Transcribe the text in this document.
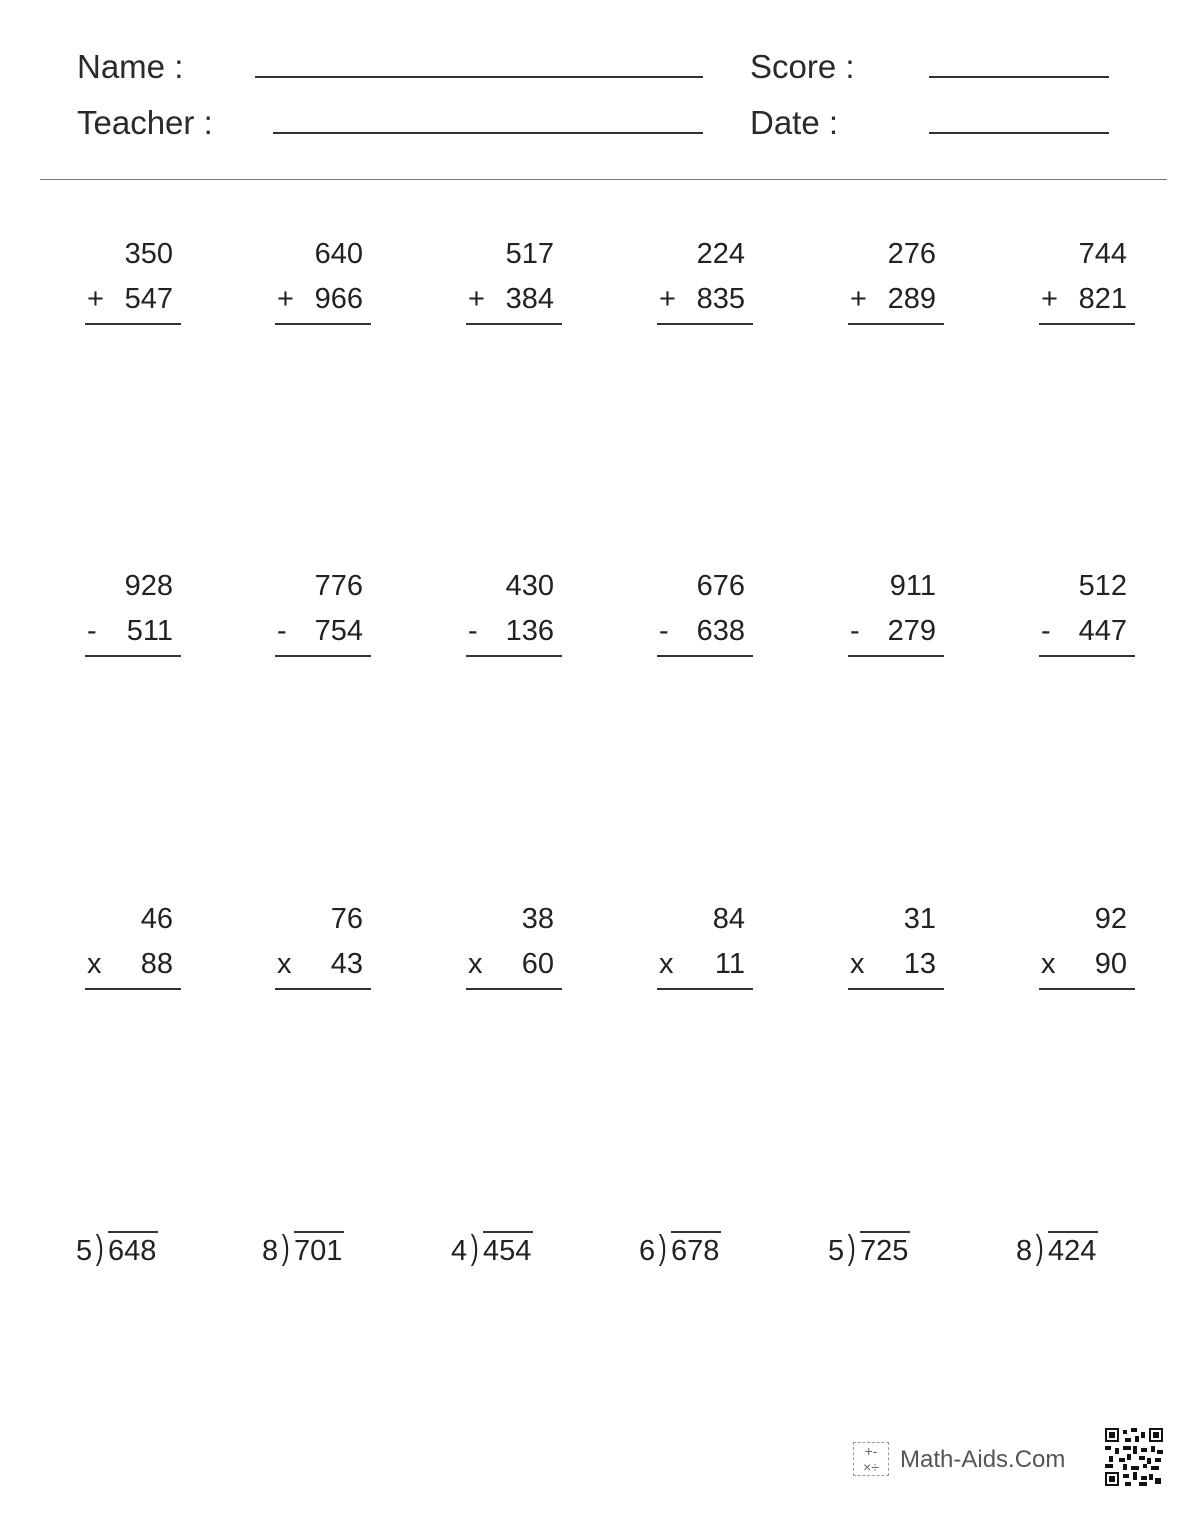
Name :
Teacher :
Score :
Date :
350
+ 547
640
+ 966
517
+ 384
224
+ 835
276
+ 289
744
+ 821
928
- 511
776
- 754
430
- 136
676
- 638
911
- 279
512
- 447
46
x 88
76
x 43
38
x 60
84
x 11
31
x 13
92
x 90
5 ) 648	8 ) 701	4 ) 454	6 ) 678	5 ) 725	8 ) 424
+-
×÷ Math-Aids.Com
